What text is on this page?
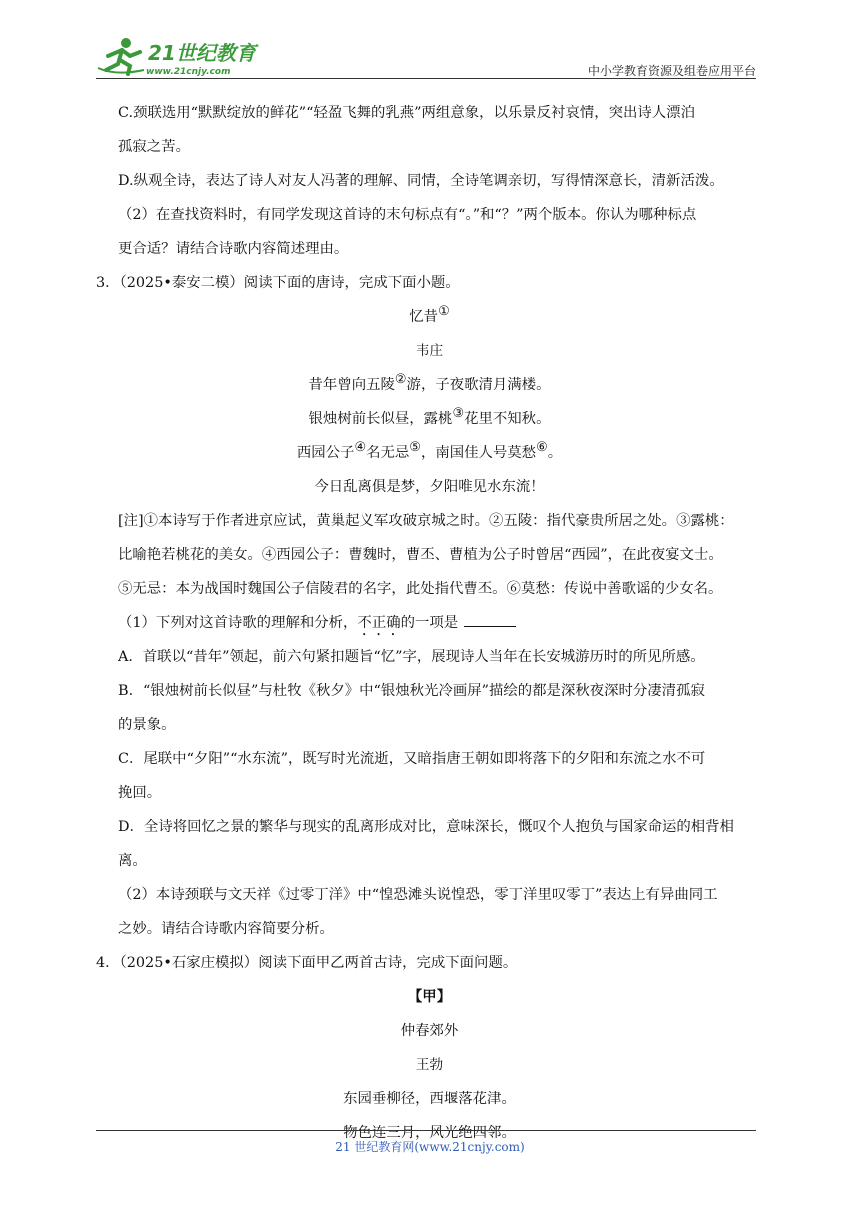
21世纪教育
www.21cnjy.com	中小学教育资源及组卷应用平台

C.颈联选用“默默绽放的鲜花”“轻盈飞舞的乳燕”两组意象，以乐景反衬哀情，突出诗人漂泊

孤寂之苦。

D.纵观全诗，表达了诗人对友人冯著的理解、同情，全诗笔调亲切，写得情深意长，清新活泼。

（2）在查找资料时，有同学发现这首诗的末句标点有“。”和“？”两个版本。你认为哪种标点

更合适？请结合诗歌内容简述理由。

3．（2025•泰安二模）阅读下面的唐诗，完成下面小题。

忆昔①

韦庄

昔年曾向五陵②游，子夜歌清月满楼。

银烛树前长似昼，露桃③花里不知秋。

西园公子④名无忌⑤，南国佳人号莫愁⑥。

今日乱离俱是梦，夕阳唯见水东流！

[注]①本诗写于作者进京应试，黄巢起义军攻破京城之时。②五陵：指代豪贵所居之处。③露桃：

比喻艳若桃花的美女。④西园公子：曹魏时，曹丕、曹植为公子时曾居“西园”，在此夜宴文士。

⑤无忌：本为战国时魏国公子信陵君的名字，此处指代曹丕。⑥莫愁：传说中善歌谣的少女名。

（1）下列对这首诗歌的理解和分析，不正确的一项是

A．首联以“昔年”领起，前六句紧扣题旨“忆”字，展现诗人当年在长安城游历时的所见所感。

B．“银烛树前长似昼”与杜牧《秋夕》中“银烛秋光冷画屏”描绘的都是深秋夜深时分凄清孤寂

的景象。

C．尾联中“夕阳”“水东流”，既写时光流逝，又暗指唐王朝如即将落下的夕阳和东流之水不可

挽回。

D．全诗将回忆之景的繁华与现实的乱离形成对比，意味深长，慨叹个人抱负与国家命运的相背相

离。

（2）本诗颈联与文天祥《过零丁洋》中“惶恐滩头说惶恐，零丁洋里叹零丁”表达上有异曲同工

之妙。请结合诗歌内容简要分析。

4．（2025•石家庄模拟）阅读下面甲乙两首古诗，完成下面问题。

【甲】

仲春郊外

王勃

东园垂柳径，西堰落花津。

物色连三月，风光绝四邻。

21 世纪教育网(www.21cnjy.com)
